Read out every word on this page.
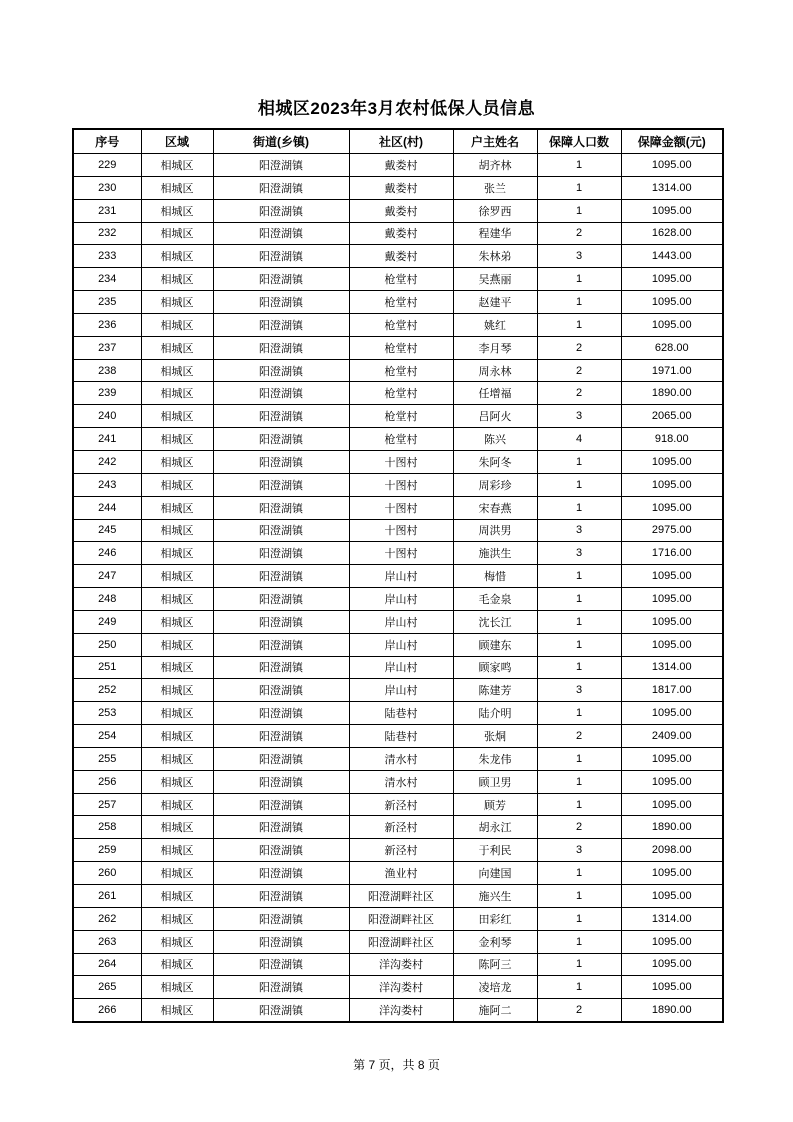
相城区2023年3月农村低保人员信息
序号	区域	街道(乡镇)	社区(村)	户主姓名	保障人口数	保障金额(元)
229	相城区	阳澄湖镇	戴娄村	胡齐林	1	1095.00
230	相城区	阳澄湖镇	戴娄村	张兰	1	1314.00
231	相城区	阳澄湖镇	戴娄村	徐罗西	1	1095.00
232	相城区	阳澄湖镇	戴娄村	程建华	2	1628.00
233	相城区	阳澄湖镇	戴娄村	朱林弟	3	1443.00
234	相城区	阳澄湖镇	枪堂村	吴燕丽	1	1095.00
235	相城区	阳澄湖镇	枪堂村	赵建平	1	1095.00
236	相城区	阳澄湖镇	枪堂村	姚红	1	1095.00
237	相城区	阳澄湖镇	枪堂村	李月琴	2	628.00
238	相城区	阳澄湖镇	枪堂村	周永林	2	1971.00
239	相城区	阳澄湖镇	枪堂村	任增福	2	1890.00
240	相城区	阳澄湖镇	枪堂村	吕阿火	3	2065.00
241	相城区	阳澄湖镇	枪堂村	陈兴	4	918.00
242	相城区	阳澄湖镇	十图村	朱阿冬	1	1095.00
243	相城区	阳澄湖镇	十图村	周彩珍	1	1095.00
244	相城区	阳澄湖镇	十图村	宋春燕	1	1095.00
245	相城区	阳澄湖镇	十图村	周洪男	3	2975.00
246	相城区	阳澄湖镇	十图村	施洪生	3	1716.00
247	相城区	阳澄湖镇	岸山村	梅惜	1	1095.00
248	相城区	阳澄湖镇	岸山村	毛金泉	1	1095.00
249	相城区	阳澄湖镇	岸山村	沈长江	1	1095.00
250	相城区	阳澄湖镇	岸山村	顾建东	1	1095.00
251	相城区	阳澄湖镇	岸山村	顾家鸣	1	1314.00
252	相城区	阳澄湖镇	岸山村	陈建芳	3	1817.00
253	相城区	阳澄湖镇	陆巷村	陆介明	1	1095.00
254	相城区	阳澄湖镇	陆巷村	张烔	2	2409.00
255	相城区	阳澄湖镇	清水村	朱龙伟	1	1095.00
256	相城区	阳澄湖镇	清水村	顾卫男	1	1095.00
257	相城区	阳澄湖镇	新泾村	顾芳	1	1095.00
258	相城区	阳澄湖镇	新泾村	胡永江	2	1890.00
259	相城区	阳澄湖镇	新泾村	于利民	3	2098.00
260	相城区	阳澄湖镇	渔业村	向建国	1	1095.00
261	相城区	阳澄湖镇	阳澄湖畔社区	施兴生	1	1095.00
262	相城区	阳澄湖镇	阳澄湖畔社区	田彩红	1	1314.00
263	相城区	阳澄湖镇	阳澄湖畔社区	金利琴	1	1095.00
264	相城区	阳澄湖镇	洋沟娄村	陈阿三	1	1095.00
265	相城区	阳澄湖镇	洋沟娄村	凌培龙	1	1095.00
266	相城区	阳澄湖镇	洋沟娄村	施阿二	2	1890.00
第 7 页，共 8 页
